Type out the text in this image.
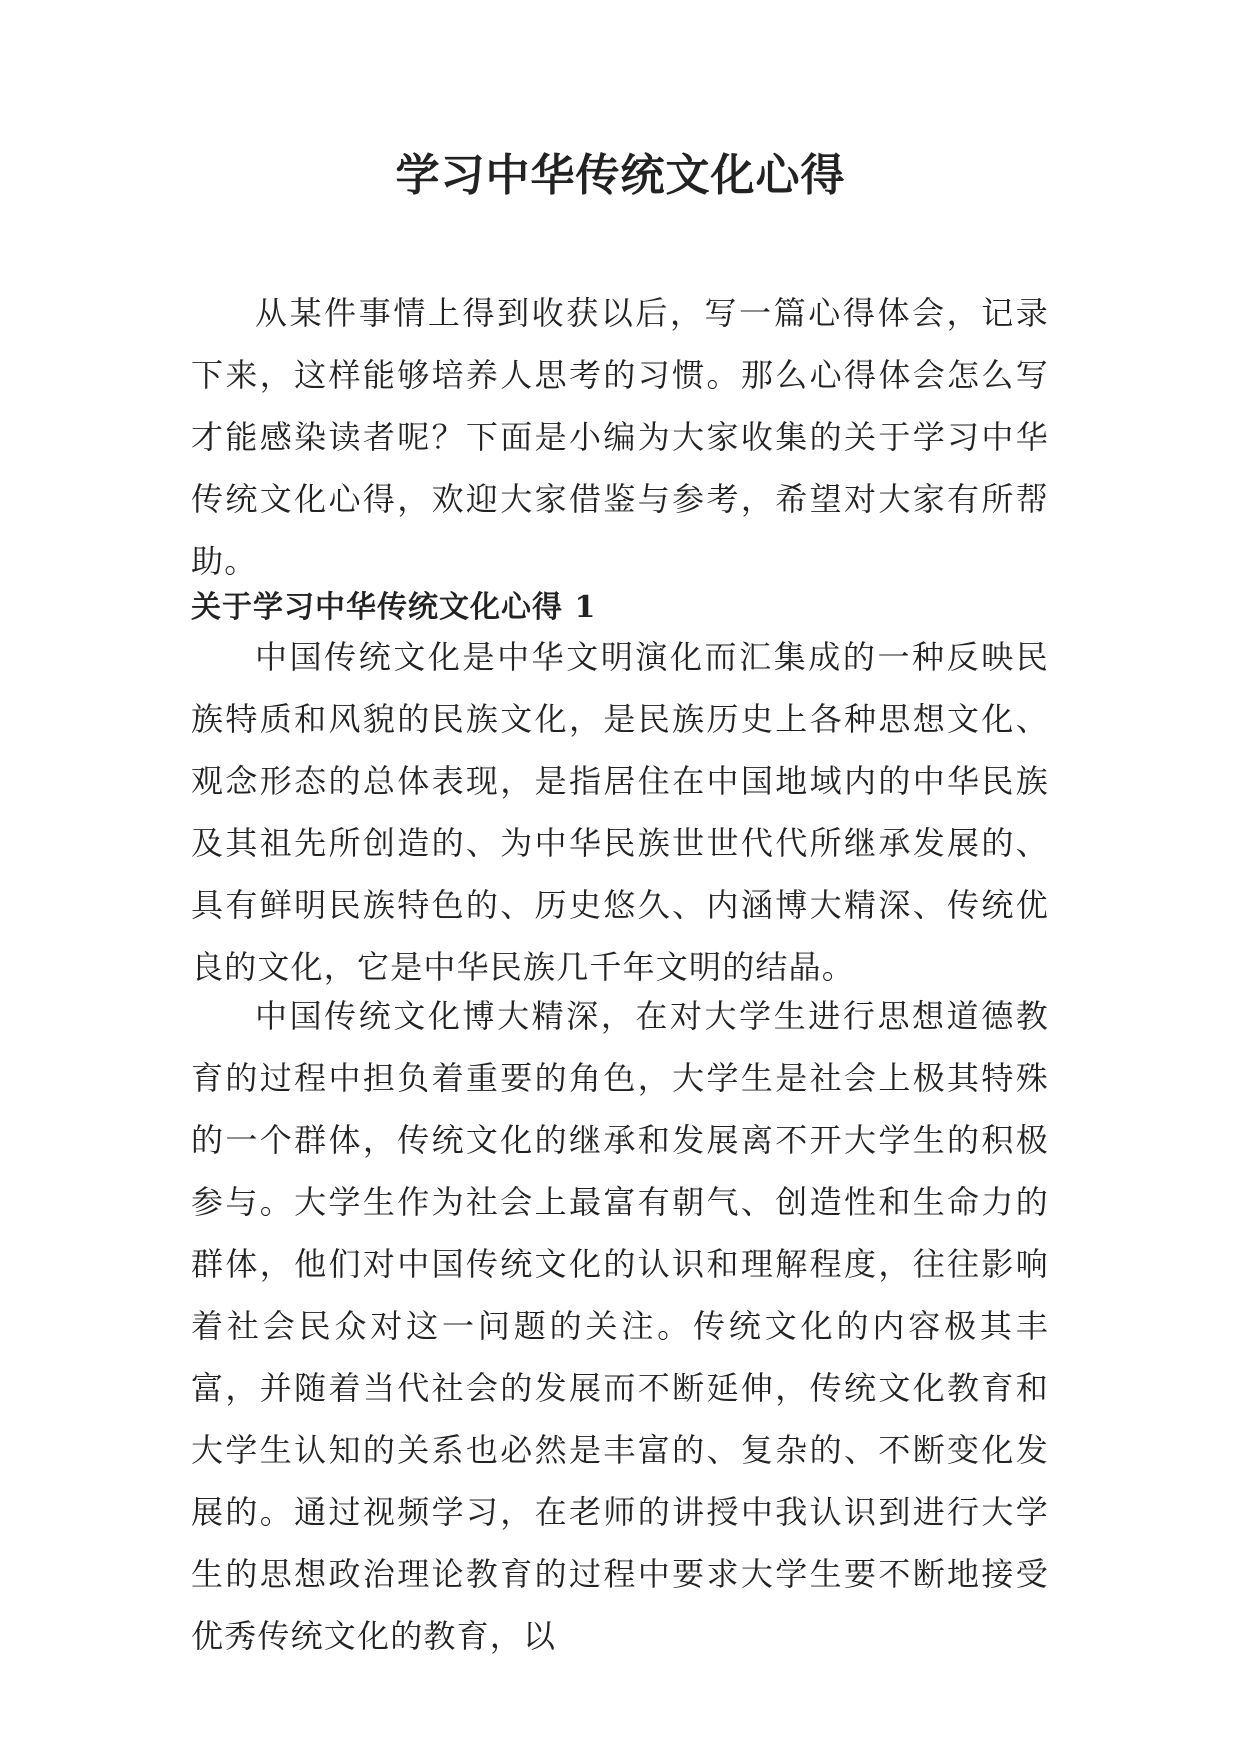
学习中华传统文化心得

从某件事情上得到收获以后，写一篇心得体会，记录下来，这样能够培养人思考的习惯。那么心得体会怎么写才能感染读者呢？下面是小编为大家收集的关于学习中华传统文化心得，欢迎大家借鉴与参考，希望对大家有所帮助。

关于学习中华传统文化心得 1

中国传统文化是中华文明演化而汇集成的一种反映民族特质和风貌的民族文化，是民族历史上各种思想文化、观念形态的总体表现，是指居住在中国地域内的中华民族及其祖先所创造的、为中华民族世世代代所继承发展的、具有鲜明民族特色的、历史悠久、内涵博大精深、传统优良的文化，它是中华民族几千年文明的结晶。

中国传统文化博大精深，在对大学生进行思想道德教育的过程中担负着重要的角色，大学生是社会上极其特殊的一个群体，传统文化的继承和发展离不开大学生的积极参与。大学生作为社会上最富有朝气、创造性和生命力的群体，他们对中国传统文化的认识和理解程度，往往影响着社会民众对这一问题的关注。传统文化的内容极其丰富，并随着当代社会的发展而不断延伸，传统文化教育和大学生认知的关系也必然是丰富的、复杂的、不断变化发展的。通过视频学习，在老师的讲授中我认识到进行大学生的思想政治理论教育的过程中要求大学生要不断地接受优秀传统文化的教育，以
